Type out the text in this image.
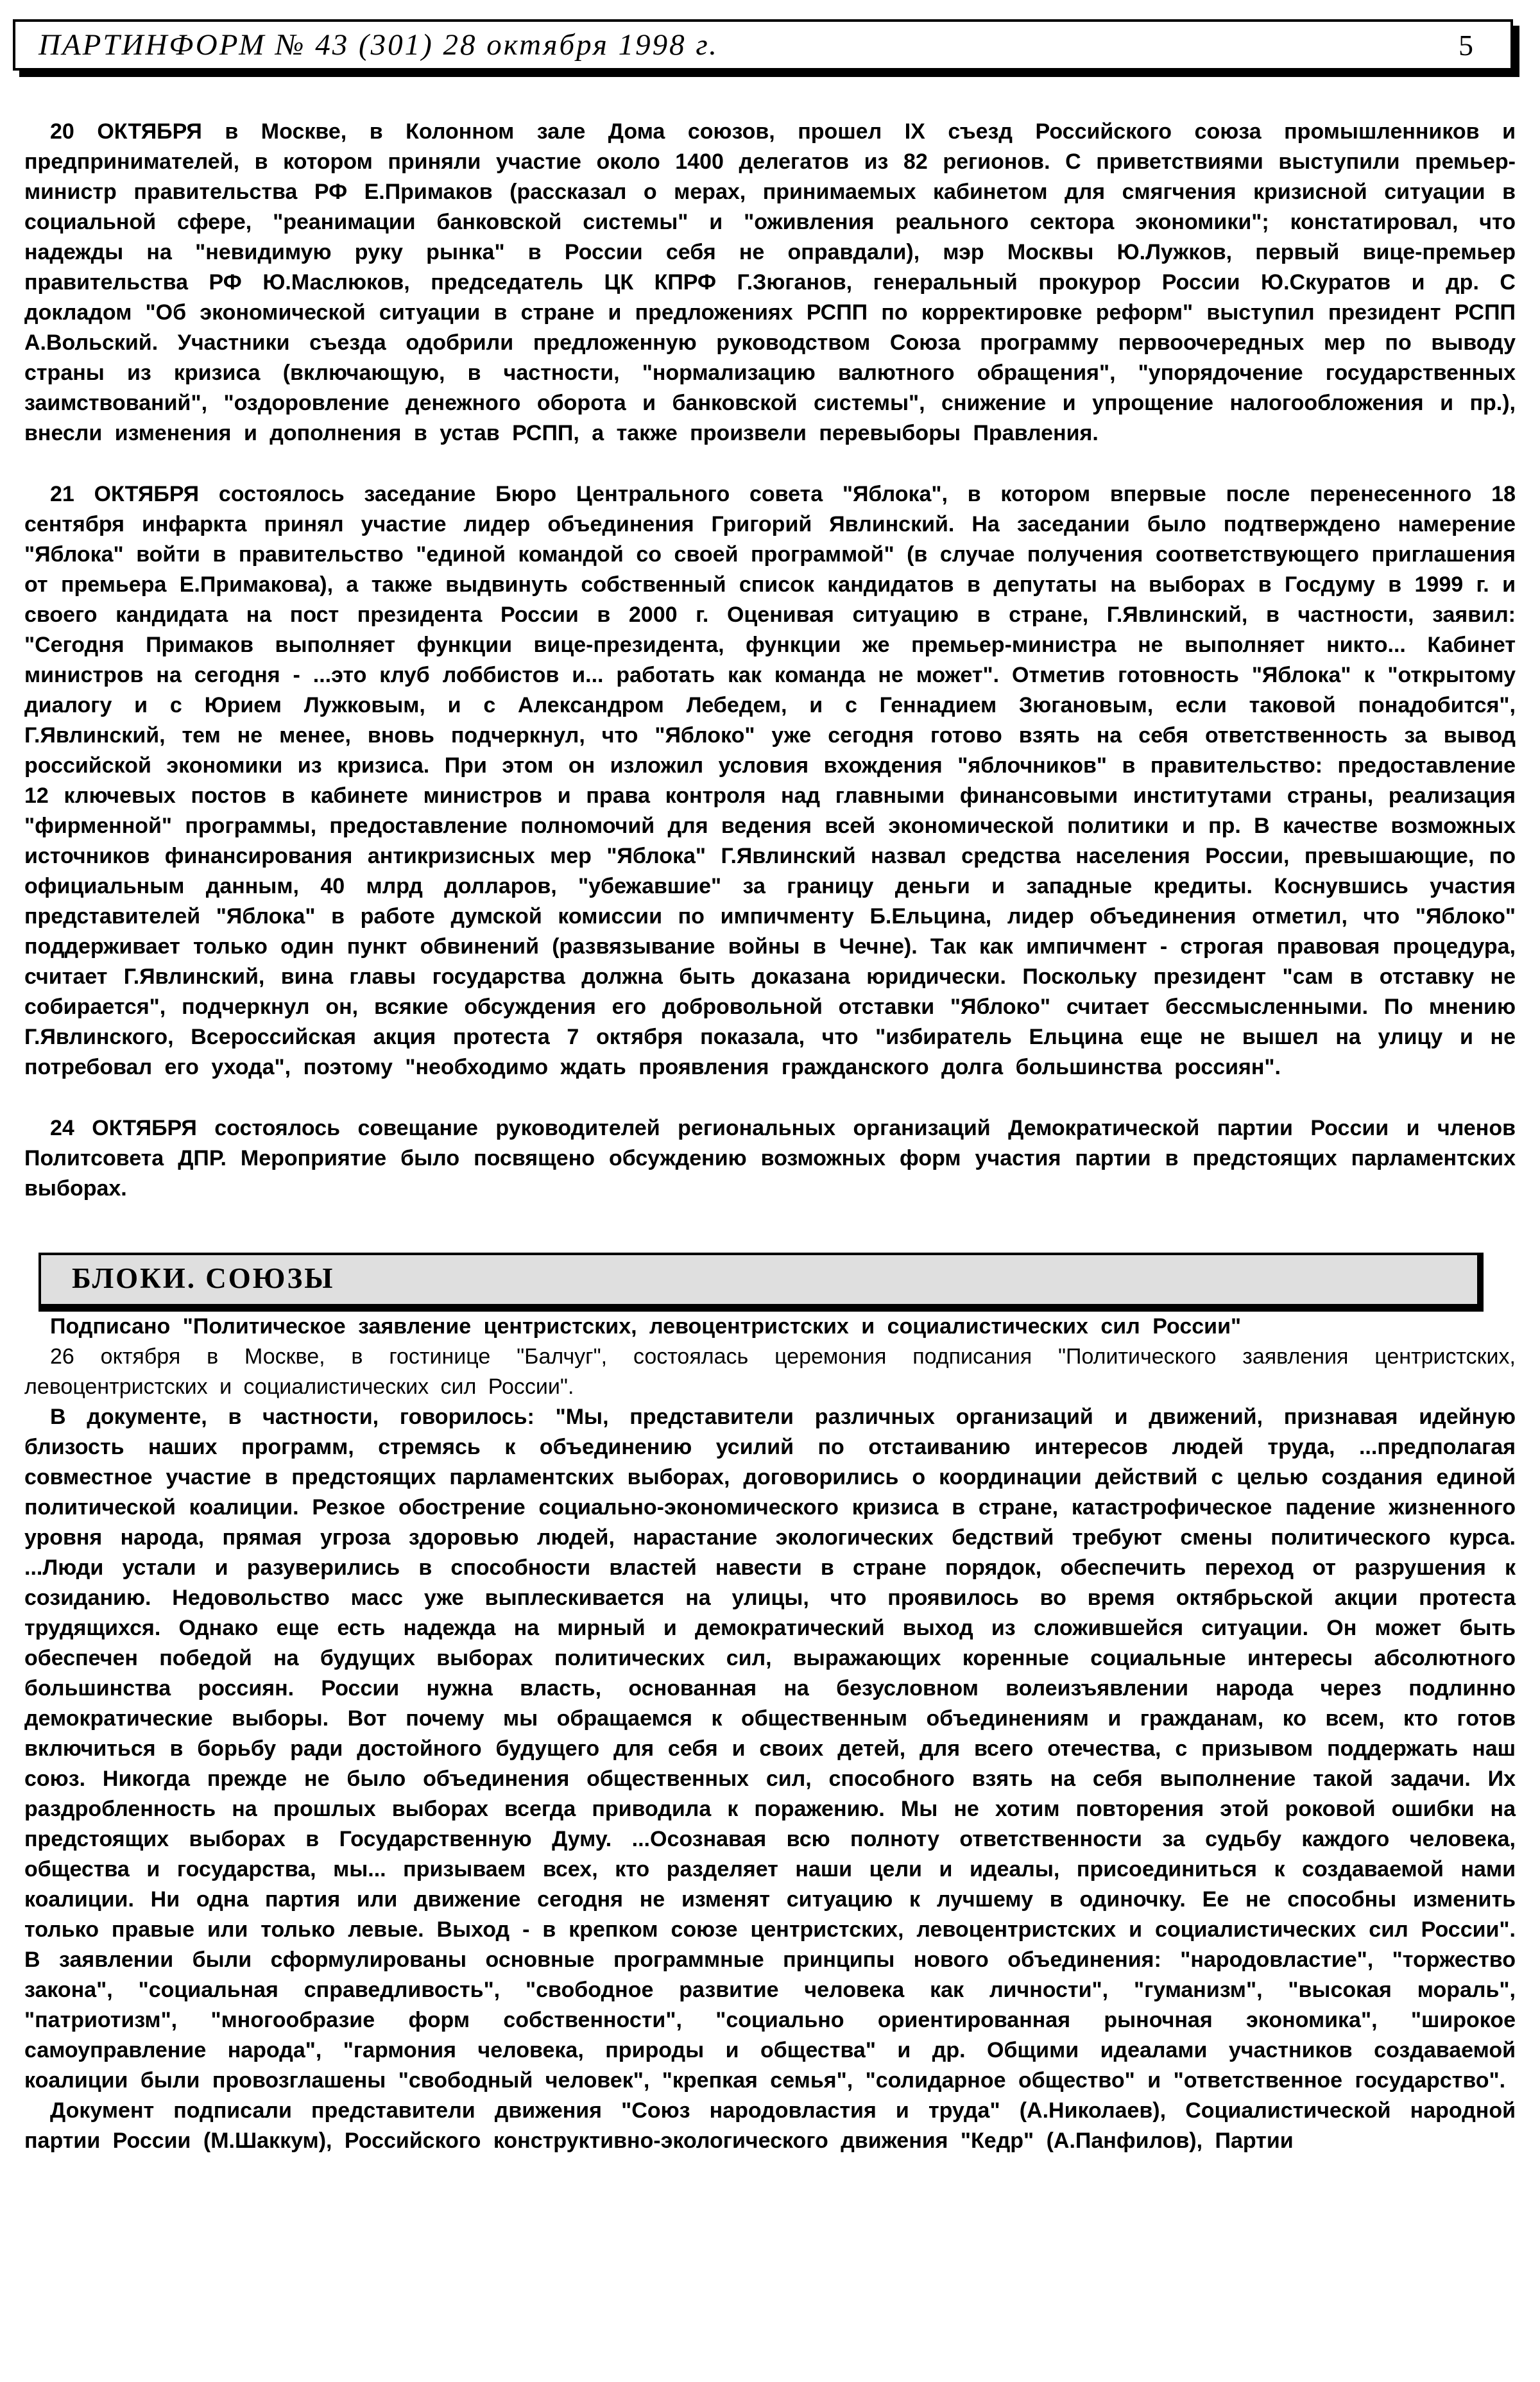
ПАРТИНФОРМ № 43 (301) 28 октября 1998 г.	5

20 ОКТЯБРЯ в Москве, в Колонном зале Дома союзов, прошел IX съезд Российского союза промышленников и предпринимателей, в котором приняли участие около 1400 делегатов из 82 регионов. С приветствиями выступили премьер-министр правительства РФ Е.Примаков (рассказал о мерах, принимаемых кабинетом для смягчения кризисной ситуации в социальной сфере, "реанимации банковской системы" и "оживления реального сектора экономики"; констатировал, что надежды на "невидимую руку рынка" в России себя не оправдали), мэр Москвы Ю.Лужков, первый вице-премьер правительства РФ Ю.Маслюков, председатель ЦК КПРФ Г.Зюганов, генеральный прокурор России Ю.Скуратов и др. С докладом "Об экономической ситуации в стране и предложениях РСПП по корректировке реформ" выступил президент РСПП А.Вольский. Участники съезда одобрили предложенную руководством Союза программу первоочередных мер по выводу страны из кризиса (включающую, в частности, "нормализацию валютного обращения", "упорядочение государственных заимствований", "оздоровление денежного оборота и банковской системы", снижение и упрощение налогообложения и пр.), внесли изменения и дополнения в устав РСПП, а также произвели перевыборы Правления.

21 ОКТЯБРЯ состоялось заседание Бюро Центрального совета "Яблока", в котором впервые после перенесенного 18 сентября инфаркта принял участие лидер объединения Григорий Явлинский. На заседании было подтверждено намерение "Яблока" войти в правительство "единой командой со своей программой" (в случае получения соответствующего приглашения от премьера Е.Примакова), а также выдвинуть собственный список кандидатов в депутаты на выборах в Госдуму в 1999 г. и своего кандидата на пост президента России в 2000 г. Оценивая ситуацию в стране, Г.Явлинский, в частности, заявил: "Сегодня Примаков выполняет функции вице-президента, функции же премьер-министра не выполняет никто... Кабинет министров на сегодня - ...это клуб лоббистов и... работать как команда не может". Отметив готовность "Яблока" к "открытому диалогу и с Юрием Лужковым, и с Александром Лебедем, и с Геннадием Зюгановым, если таковой понадобится", Г.Явлинский, тем не менее, вновь подчеркнул, что "Яблоко" уже сегодня готово взять на себя ответственность за вывод российской экономики из кризиса. При этом он изложил условия вхождения "яблочников" в правительство: предоставление 12 ключевых постов в кабинете министров и права контроля над главными финансовыми институтами страны, реализация "фирменной" программы, предоставление полномочий для ведения всей экономической политики и пр. В качестве возможных источников финансирования антикризисных мер "Яблока" Г.Явлинский назвал средства населения России, превышающие, по официальным данным, 40 млрд долларов, "убежавшие" за границу деньги и западные кредиты. Коснувшись участия представителей "Яблока" в работе думской комиссии по импичменту Б.Ельцина, лидер объединения отметил, что "Яблоко" поддерживает только один пункт обвинений (развязывание войны в Чечне). Так как импичмент - строгая правовая процедура, считает Г.Явлинский, вина главы государства должна быть доказана юридически. Поскольку президент "сам в отставку не собирается", подчеркнул он, всякие обсуждения его добровольной отставки "Яблоко" считает бессмысленными. По мнению Г.Явлинского, Всероссийская акция протеста 7 октября показала, что "избиратель Ельцина еще не вышел на улицу и не потребовал его ухода", поэтому "необходимо ждать проявления гражданского долга большинства россиян".

24 ОКТЯБРЯ состоялось совещание руководителей региональных организаций Демократической партии России и членов Политсовета ДПР. Мероприятие было посвящено обсуждению возможных форм участия партии в предстоящих парламентских выборах.

БЛОКИ. СОЮЗЫ

Подписано "Политическое заявление центристских, левоцентристских и социалистических сил России"

26 октября в Москве, в гостинице "Балчуг", состоялась церемония подписания "Политического заявления центристских, левоцентристских и социалистических сил России".

В документе, в частности, говорилось: "Мы, представители различных организаций и движений, признавая идейную близость наших программ, стремясь к объединению усилий по отстаиванию интересов людей труда, ...предполагая совместное участие в предстоящих парламентских выборах, договорились о координации действий с целью создания единой политической коалиции. Резкое обострение социально-экономического кризиса в стране, катастрофическое падение жизненного уровня народа, прямая угроза здоровью людей, нарастание экологических бедствий требуют смены политического курса. ...Люди устали и разуверились в способности властей навести в стране порядок, обеспечить переход от разрушения к созиданию. Недовольство масс уже выплескивается на улицы, что проявилось во время октябрьской акции протеста трудящихся. Однако еще есть надежда на мирный и демократический выход из сложившейся ситуации. Он может быть обеспечен победой на будущих выборах политических сил, выражающих коренные социальные интересы абсолютного большинства россиян. России нужна власть, основанная на безусловном волеизъявлении народа через подлинно демократические выборы. Вот почему мы обращаемся к общественным объединениям и гражданам, ко всем, кто готов включиться в борьбу ради достойного будущего для себя и своих детей, для всего отечества, с призывом поддержать наш союз. Никогда прежде не было объединения общественных сил, способного взять на себя выполнение такой задачи. Их раздробленность на прошлых выборах всегда приводила к поражению. Мы не хотим повторения этой роковой ошибки на предстоящих выборах в Государственную Думу. ...Осознавая всю полноту ответственности за судьбу каждого человека, общества и государства, мы... призываем всех, кто разделяет наши цели и идеалы, присоединиться к создаваемой нами коалиции. Ни одна партия или движение сегодня не изменят ситуацию к лучшему в одиночку. Ее не способны изменить только правые или только левые. Выход - в крепком союзе центристских, левоцентристских и социалистических сил России". В заявлении были сформулированы основные программные принципы нового объединения: "народовластие", "торжество закона", "социальная справедливость", "свободное развитие человека как личности", "гуманизм", "высокая мораль", "патриотизм", "многообразие форм собственности", "социально ориентированная рыночная экономика", "широкое самоуправление народа", "гармония человека, природы и общества" и др. Общими идеалами участников создаваемой коалиции были провозглашены "свободный человек", "крепкая семья", "солидарное общество" и "ответственное государство".

Документ подписали представители движения "Союз народовластия и труда" (А.Николаев), Социалистической народной партии России (М.Шаккум), Российского конструктивно-экологического движения "Кедр" (А.Панфилов), Партии
